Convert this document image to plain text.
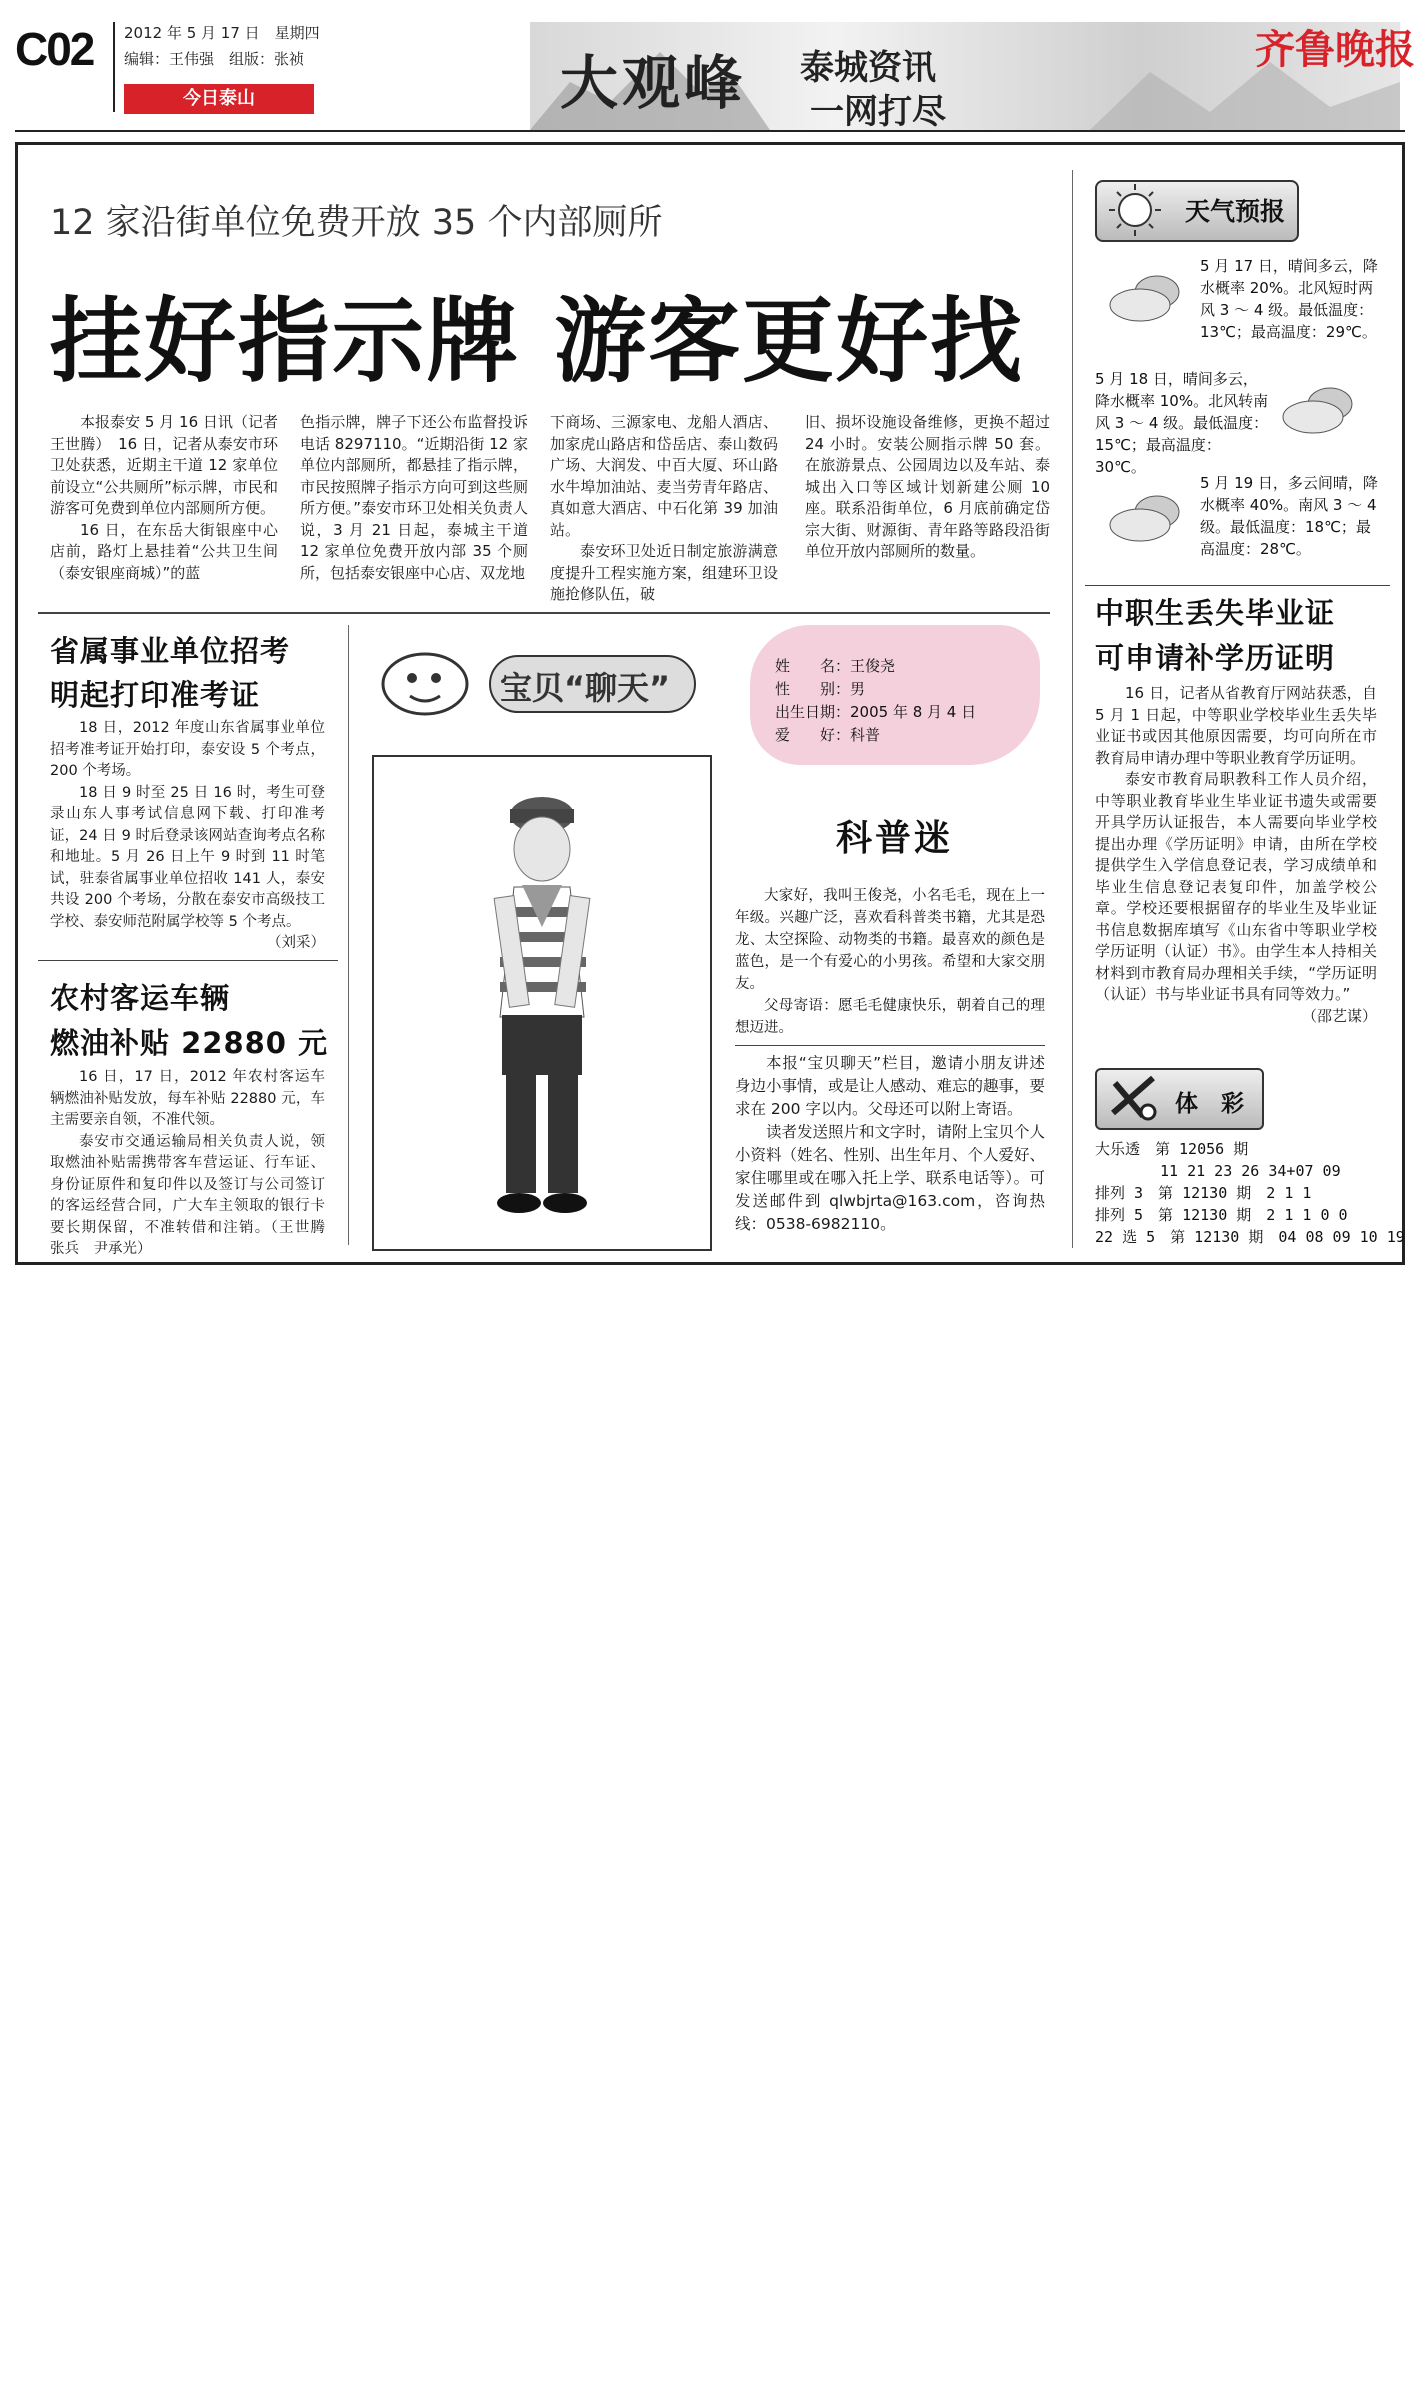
C02 2012 年 5 月 17 日　 星期四
编辑：王伟强　组版：张祯
今日泰山	大观峰 泰城资讯
一网打尽
齐鲁晚报
12 家沿街单位免费开放 35 个内部厕所
挂好指示牌 游客更好找

本报泰安 5 月 16 日讯（记者　王世腾）　16 日，记者从泰安市环卫处获悉，近期主干道 12 家单位前设立“公共厕所”标示牌，市民和游客可免费到单位内部厕所方便。

16 日，在东岳大街银座中心店前，路灯上悬挂着“公共卫生间（泰安银座商城）”的蓝

色指示牌，牌子下还公布监督投诉电话 8297110。“近期沿街 12 家单位内部厕所，都悬挂了指示牌，市民按照牌子指示方向可到这些厕所方便。”泰安市环卫处相关负责人说，3 月 21 日起，泰城主干道 12 家单位免费开放内部 35 个厕所，包括泰安银座中心店、双龙地

下商场、三源家电、龙船人酒店、加家虎山路店和岱岳店、泰山数码广场、大润发、中百大厦、环山路水牛埠加油站、麦当劳青年路店、真如意大酒店、中石化第 39 加油站。

泰安环卫处近日制定旅游满意度提升工程实施方案，组建环卫设施抢修队伍，破

旧、损坏设施设备维修，更换不超过 24 小时。安装公厕指示牌 50 套。在旅游景点、公园周边以及车站、泰城出入口等区域计划新建公厕 10 座。联系沿街单位，6 月底前确定岱宗大街、财源街、青年路等路段沿街单位开放内部厕所的数量。

天气预报
5 月 17 日，晴间多云，降水概率 20%。北风短时两风 3 ～ 4 级。最低温度：13℃；最高温度：29℃。
5 月 18 日，晴间多云，降水概率 10%。北风转南风 3 ～ 4 级。最低温度：15℃；最高温度：30℃。
5 月 19 日，多云间晴，降水概率 40%。南风 3 ～ 4 级。最低温度：18℃；最高温度：28℃。
中职生丢失毕业证
可申请补学历证明

16 日，记者从省教育厅网站获悉，自 5 月 1 日起，中等职业学校毕业生丢失毕业证书或因其他原因需要，均可向所在市教育局申请办理中等职业教育学历证明。

泰安市教育局职教科工作人员介绍，中等职业教育毕业生毕业证书遗失或需要开具学历认证报告，本人需要向毕业学校提出办理《学历证明》申请，由所在学校提供学生入学信息登记表，学习成绩单和毕业生信息登记表复印件，加盖学校公章。学校还要根据留存的毕业生及毕业证书信息数据库填写《山东省中等职业学校学历证明（认证）书》。由学生本人持相关材料到市教育局办理相关手续，“学历证明（认证）书与毕业证书具有同等效力。”

（邵艺谋）
体　彩
大乐透　第 12056 期
11 21 23 26 34+07 09
排列 3　第 12130 期　2 1 1
排列 5　第 12130 期　2 1 1 0 0
22 选 5　第 12130 期　04 08 09 10 19
省属事业单位招考
明起打印准考证

18 日，2012 年度山东省属事业单位招考准考证开始打印，泰安设 5 个考点，200 个考场。

18 日 9 时至 25 日 16 时，考生可登录山东人事考试信息网下载、打印准考证，24 日 9 时后登录该网站查询考点名称和地址。5 月 26 日上午 9 时到 11 时笔试，驻泰省属事业单位招收 141 人，泰安共设 200 个考场，分散在泰安市高级技工学校、泰安师范附属学校等 5 个考点。

（刘采）
农村客运车辆
燃油补贴 22880 元

16 日，17 日，2012 年农村客运车辆燃油补贴发放，每车补贴 22880 元，车主需要亲自领，不准代领。

泰安市交通运输局相关负责人说，领取燃油补贴需携带客车营运证、行车证、身份证原件和复印件以及签订与公司签订的客运经营合同，广大车主领取的银行卡要长期保留，不准转借和注销。（王世腾　张兵　尹承光）

宝贝“聊天”
姓　　名：王俊尧
性　　别：男
出生日期：2005 年 8 月 4 日
爱　　好：科普
科普迷

大家好，我叫王俊尧，小名毛毛，现在上一年级。兴趣广泛，喜欢看科普类书籍，尤其是恐龙、太空探险、动物类的书籍。最喜欢的颜色是蓝色，是一个有爱心的小男孩。希望和大家交朋友。

父母寄语：愿毛毛健康快乐，朝着自己的理想迈进。

本报“宝贝聊天”栏目，邀请小朋友讲述身边小事情，或是让人感动、难忘的趣事，要求在 200 字以内。父母还可以附上寄语。

读者发送照片和文字时，请附上宝贝个人小资料（姓名、性别、出生年月、个人爱好、家住哪里或在哪入托上学、联系电话等）。可发送邮件到 qlwbjrta@163.com，咨询热线：0538-6982110。
